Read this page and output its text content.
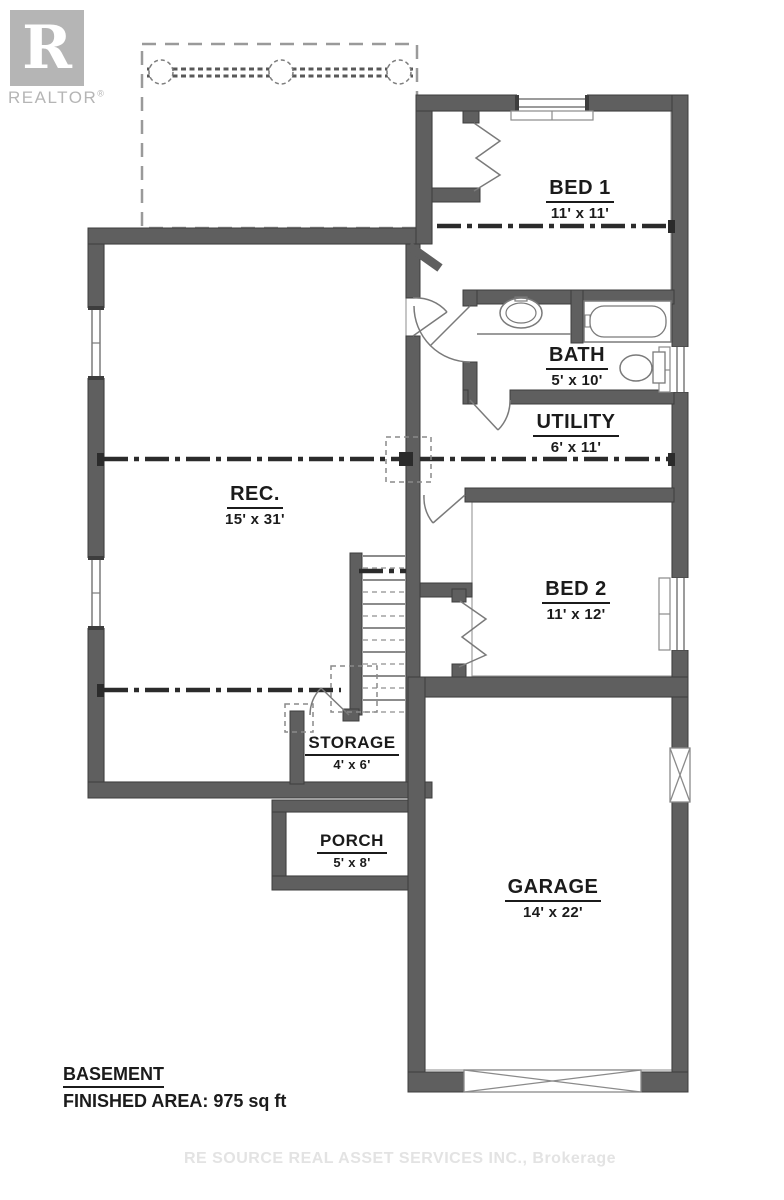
R
REALTOR®
BED 1
11' x 11'
BATH
5' x 10'
UTILITY
6' x 11'
REC.
15' x 31'
BED 2
11' x 12'
STORAGE
4' x 6'
PORCH
5' x 8'
GARAGE
14' x 22'
BASEMENT
FINISHED AREA: 975 sq ft
RE SOURCE REAL ASSET SERVICES INC., Brokerage
